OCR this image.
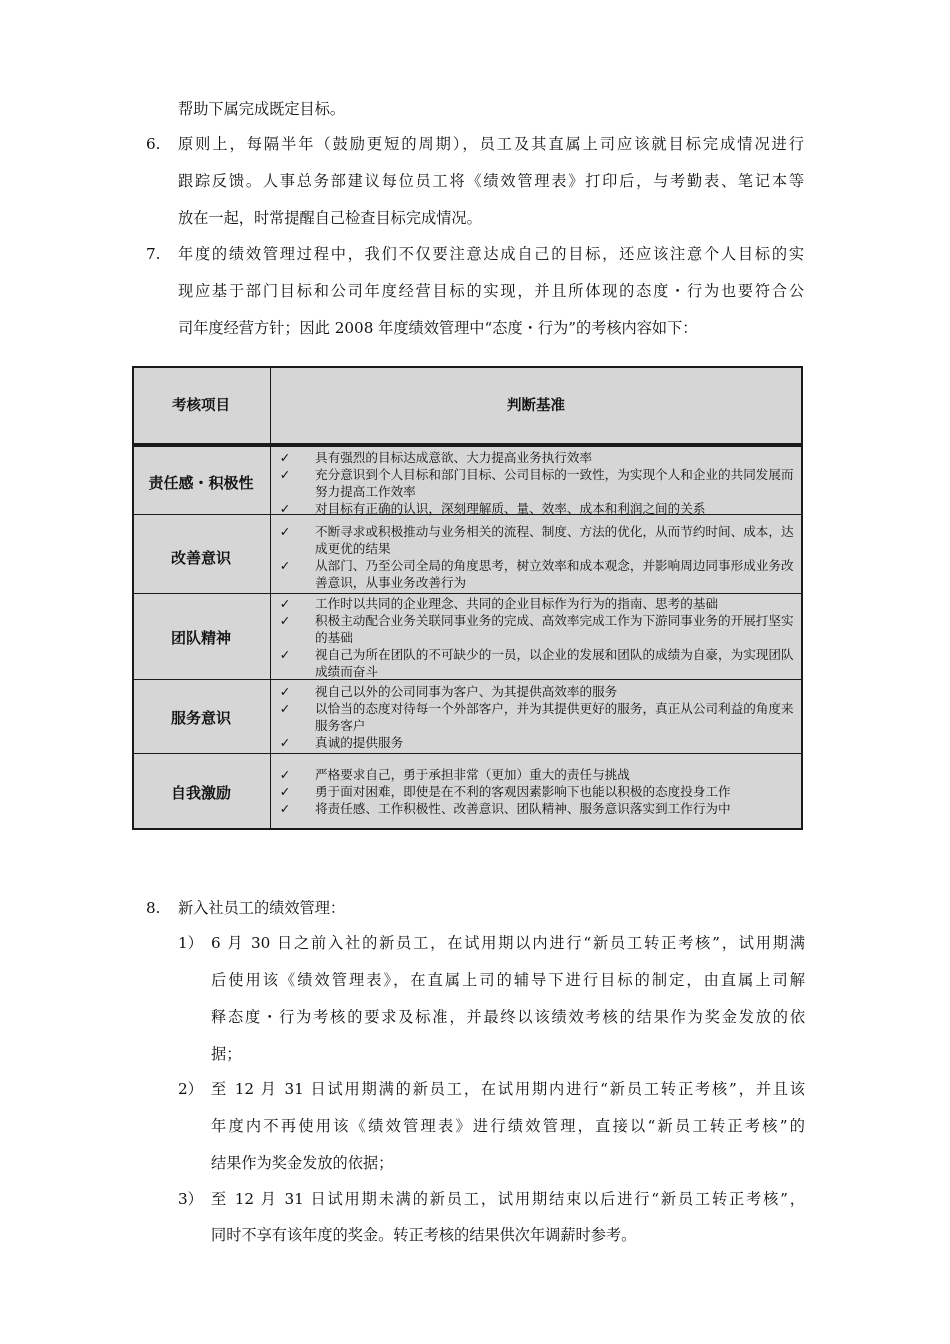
帮助下属完成既定目标。
6. 原则上，每隔半年（鼓励更短的周期），员工及其直属上司应该就目标完成情况进行
跟踪反馈。人事总务部建议每位员工将《绩效管理表》打印后，与考勤表、笔记本等
放在一起，时常提醒自己检查目标完成情况。
7. 年度的绩效管理过程中，我们不仅要注意达成自己的目标，还应该注意个人目标的实
现应基于部门目标和公司年度经营目标的实现，并且所体现的态度・行为也要符合公
司年度经营方针；因此 2008 年度绩效管理中“态度・行为”的考核内容如下：
考核项目	判断基准
责任感・积极性
✓ 具有强烈的目标达成意欲、大力提高业务执行效率
✓ 充分意识到个人目标和部门目标、公司目标的一致性，为实现个人和企业的共同发展而努力提高工作效率
✓ 对目标有正确的认识，深刻理解质、量、效率、成本和利润之间的关系
改善意识
✓ 不断寻求或积极推动与业务相关的流程、制度、方法的优化，从而节约时间、成本，达成更优的结果
✓ 从部门、乃至公司全局的角度思考，树立效率和成本观念，并影响周边同事形成业务改善意识，从事业务改善行为
团队精神
✓ 工作时以共同的企业理念、共同的企业目标作为行为的指南、思考的基础
✓ 积极主动配合业务关联同事业务的完成、高效率完成工作为下游同事业务的开展打坚实的基础
✓ 视自己为所在团队的不可缺少的一员，以企业的发展和团队的成绩为自豪，为实现团队成绩而奋斗
服务意识
✓ 视自己以外的公司同事为客户、为其提供高效率的服务
✓ 以恰当的态度对待每一个外部客户，并为其提供更好的服务，真正从公司利益的角度来服务客户
✓ 真诚的提供服务
自我激励
✓ 严格要求自己，勇于承担非常（更加）重大的责任与挑战
✓ 勇于面对困难，即使是在不利的客观因素影响下也能以积极的态度投身工作
✓ 将责任感、工作积极性、改善意识、团队精神、服务意识落实到工作行为中
8. 新入社员工的绩效管理：
1） 6 月 30 日之前入社的新员工，在试用期以内进行“新员工转正考核”，试用期满
后使用该《绩效管理表》，在直属上司的辅导下进行目标的制定，由直属上司解
释态度・行为考核的要求及标准，并最终以该绩效考核的结果作为奖金发放的依
据；
2） 至 12 月 31 日试用期满的新员工，在试用期内进行“新员工转正考核”，并且该
年度内不再使用该《绩效管理表》进行绩效管理，直接以“新员工转正考核”的
结果作为奖金发放的依据；
3） 至 12 月 31 日试用期未满的新员工，试用期结束以后进行“新员工转正考核”，
同时不享有该年度的奖金。转正考核的结果供次年调薪时参考。
